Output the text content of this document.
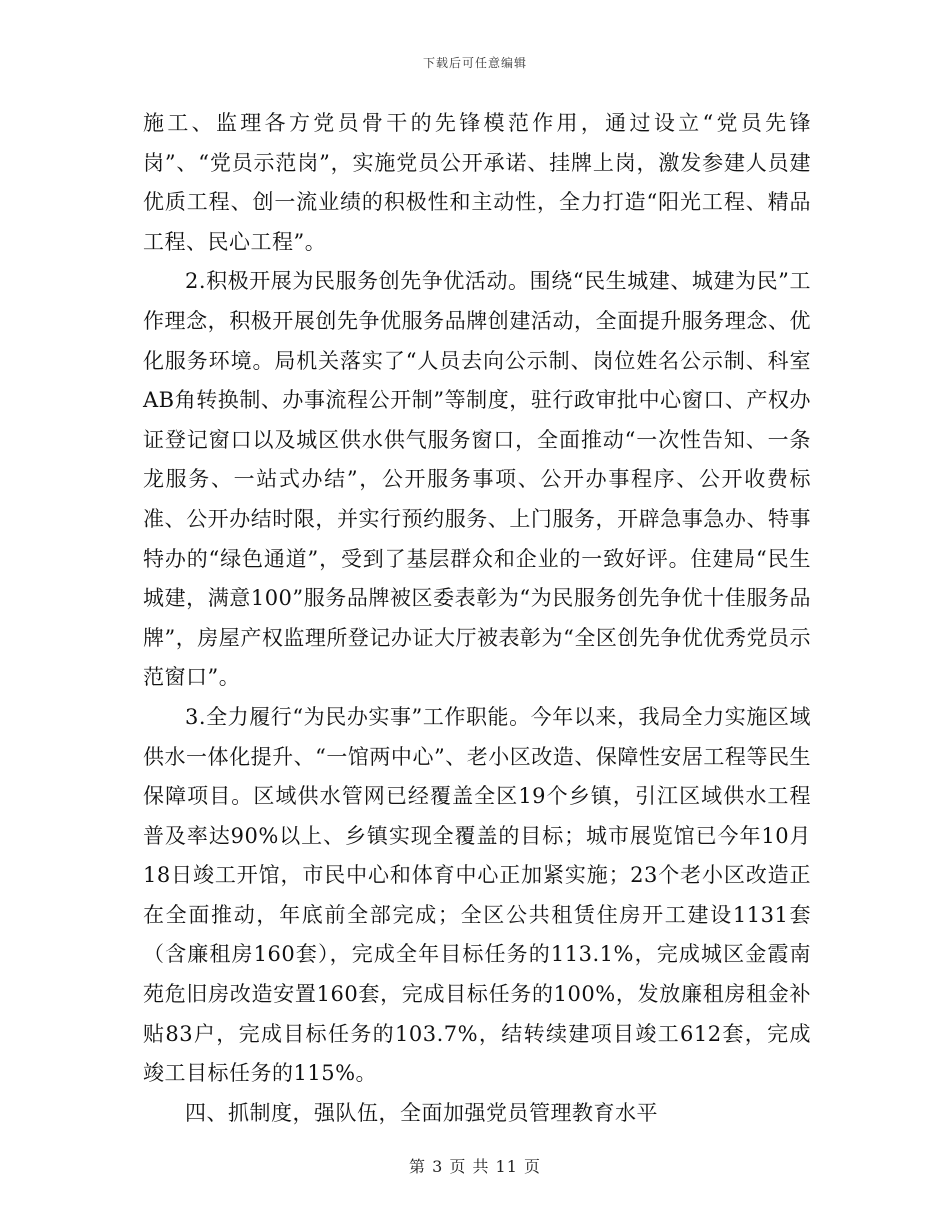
下载后可任意编辑

施工、监理各方党员骨干的先锋模范作用，通过设立“党员先锋岗”、“党员示范岗”，实施党员公开承诺、挂牌上岗，激发参建人员建优质工程、创一流业绩的积极性和主动性，全力打造“阳光工程、精品工程、民心工程”。

2.积极开展为民服务创先争优活动。围绕“民生城建、城建为民”工作理念，积极开展创先争优服务品牌创建活动，全面提升服务理念、优化服务环境。局机关落实了“人员去向公示制、岗位姓名公示制、科室AB角转换制、办事流程公开制”等制度，驻行政审批中心窗口、产权办证登记窗口以及城区供水供气服务窗口，全面推动“一次性告知、一条龙服务、一站式办结”，公开服务事项、公开办事程序、公开收费标准、公开办结时限，并实行预约服务、上门服务，开辟急事急办、特事特办的“绿色通道”，受到了基层群众和企业的一致好评。住建局“民生城建，满意100”服务品牌被区委表彰为“为民服务创先争优十佳服务品牌”，房屋产权监理所登记办证大厅被表彰为“全区创先争优优秀党员示范窗口”。

3.全力履行“为民办实事”工作职能。今年以来，我局全力实施区域供水一体化提升、“一馆两中心”、老小区改造、保障性安居工程等民生保障项目。区域供水管网已经覆盖全区19个乡镇，引江区域供水工程普及率达90%以上、乡镇实现全覆盖的目标；城市展览馆已今年10月18日竣工开馆，市民中心和体育中心正加紧实施；23个老小区改造正在全面推动，年底前全部完成；全区公共租赁住房开工建设1131套（含廉租房160套），完成全年目标任务的113.1%，完成城区金霞南苑危旧房改造安置160套，完成目标任务的100%，发放廉租房租金补贴83户，完成目标任务的103.7%，结转续建项目竣工612套，完成竣工目标任务的115%。

四、抓制度，强队伍，全面加强党员管理教育水平

第 3 页 共 11 页
